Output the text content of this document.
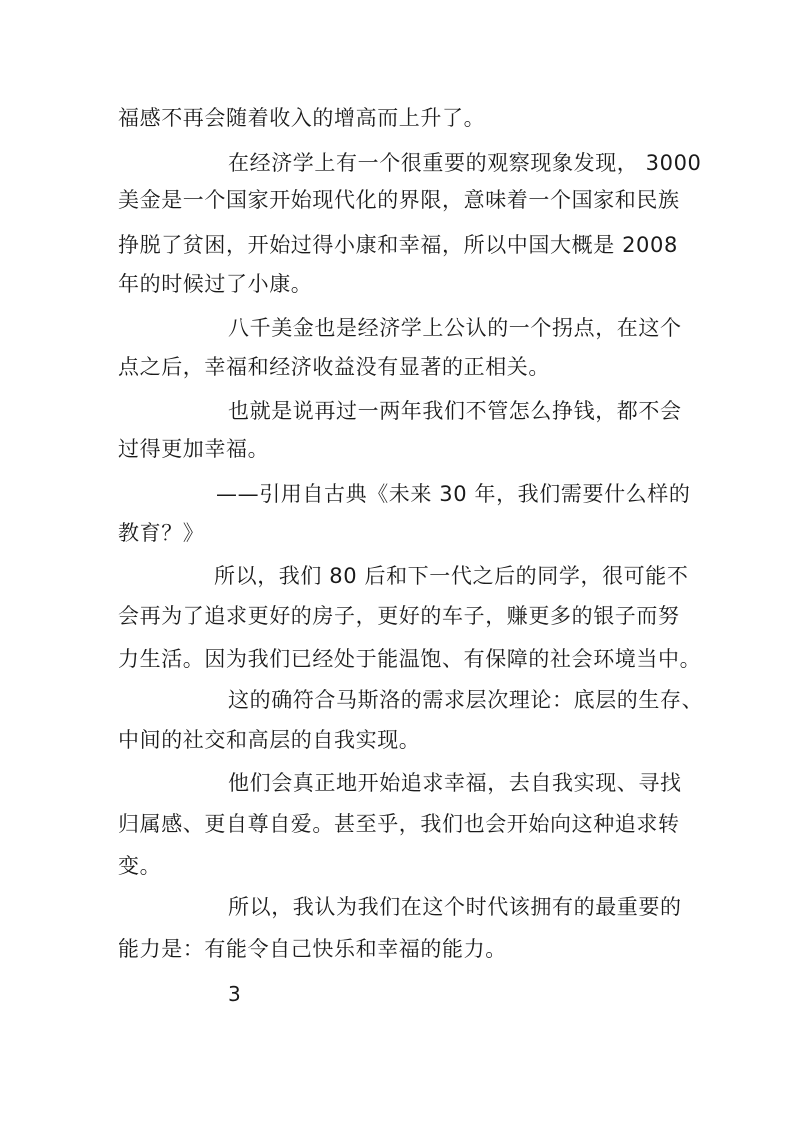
福感不再会随着收入的增高而上升了。
在经济学上有一个很重要的观察现象发现， 3000
美金是一个国家开始现代化的界限，意味着一个国家和民族
挣脱了贫困，开始过得小康和幸福，所以中国大概是 2008
年的时候过了小康。
八千美金也是经济学上公认的一个拐点，在这个
点之后，幸福和经济收益没有显著的正相关。
也就是说再过一两年我们不管怎么挣钱，都不会
过得更加幸福。
——引用自古典《未来 30 年，我们需要什么样的
教育？》
所以，我们 80 后和下一代之后的同学，很可能不
会再为了追求更好的房子，更好的车子，赚更多的银子而努
力生活。因为我们已经处于能温饱、有保障的社会环境当中。
这的确符合马斯洛的需求层次理论：底层的生存、
中间的社交和高层的自我实现。
他们会真正地开始追求幸福，去自我实现、寻找
归属感、更自尊自爱。甚至乎，我们也会开始向这种追求转
变。
所以，我认为我们在这个时代该拥有的最重要的
能力是：有能令自己快乐和幸福的能力。
3
